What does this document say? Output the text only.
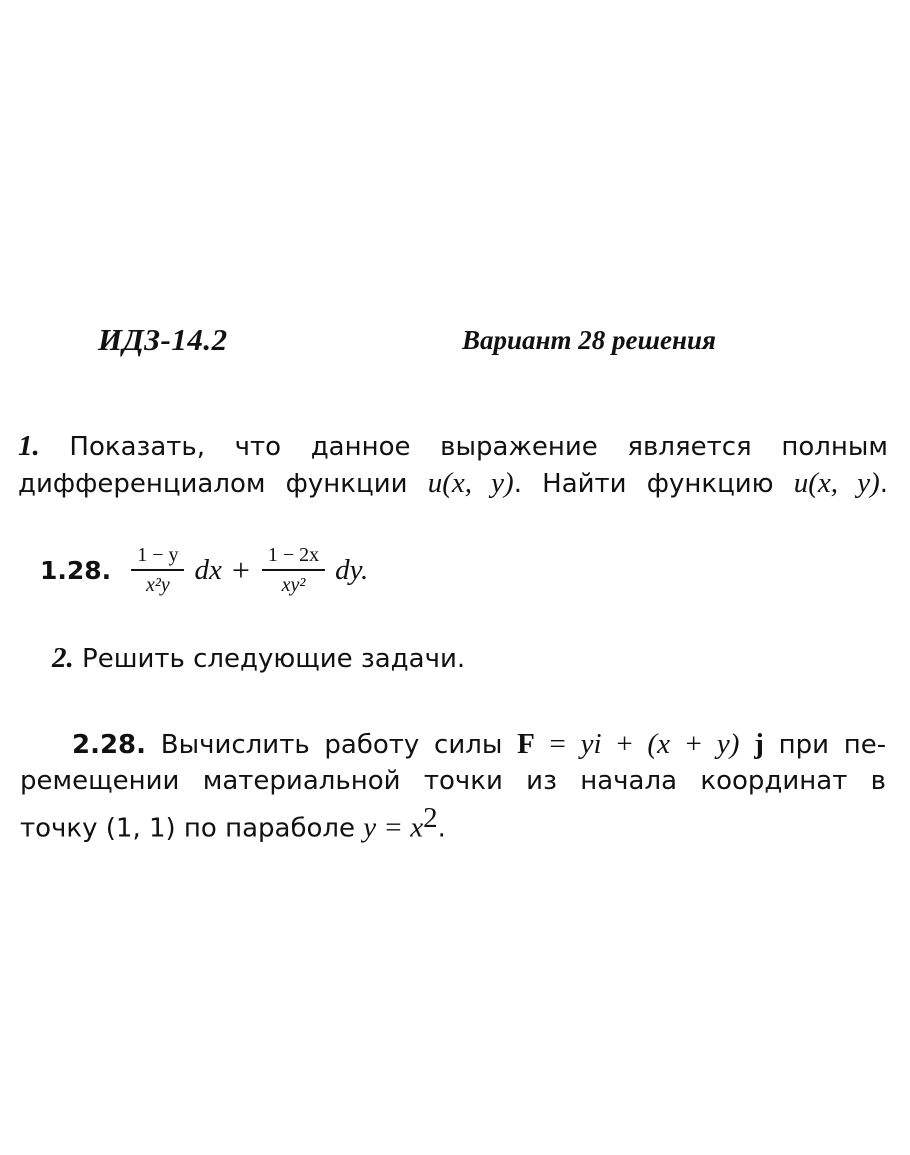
ИДЗ-14.2	Вариант 28 решения
1. Показать, что данное выражение является полным
дифференциалом функции u(x, y). Найти функцию u(x, y).
1.28. $\frac{1 - y}{\text{x²y}}$ dx + $\frac{1 - 2x}{\text{xy²}}$ dy.
2. Решить следующие задачи.
2.28. Вычислить работу силы F = yi + (x + y) j при пе-
ремещении материальной точки из начала координат в
точку (1, 1) по параболе $y = x^2$.
